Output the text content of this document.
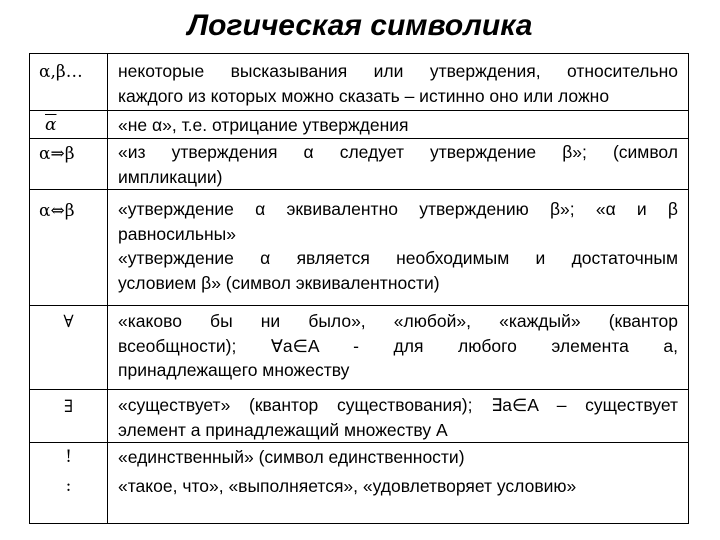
Логическая символика
α,β…	некоторые высказывания или утверждения, относительно
каждого из которых можно сказать – истинно оно или ложно
$\overline{\alpha}$	«не α», т.е. отрицание утверждения
α⇒β	«из утверждения α следует утверждение β»; (символ
импликации)
α⇔β	«утверждение α эквивалентно утверждению β»; «α и β
равносильны»
«утверждение α является необходимым и достаточным
условием β» (символ эквивалентности)
∀	«каково бы ни было», «любой», «каждый» (квантор
всеобщности); ∀a∈A - для любого элемента a,
принадлежащего множеству
∃	«существует» (квантор существования); ∃a∈A – существует
элемент a принадлежащий множеству А
!	«единственный» (символ единственности)
:	«такое, что», «выполняется», «удовлетворяет условию»
